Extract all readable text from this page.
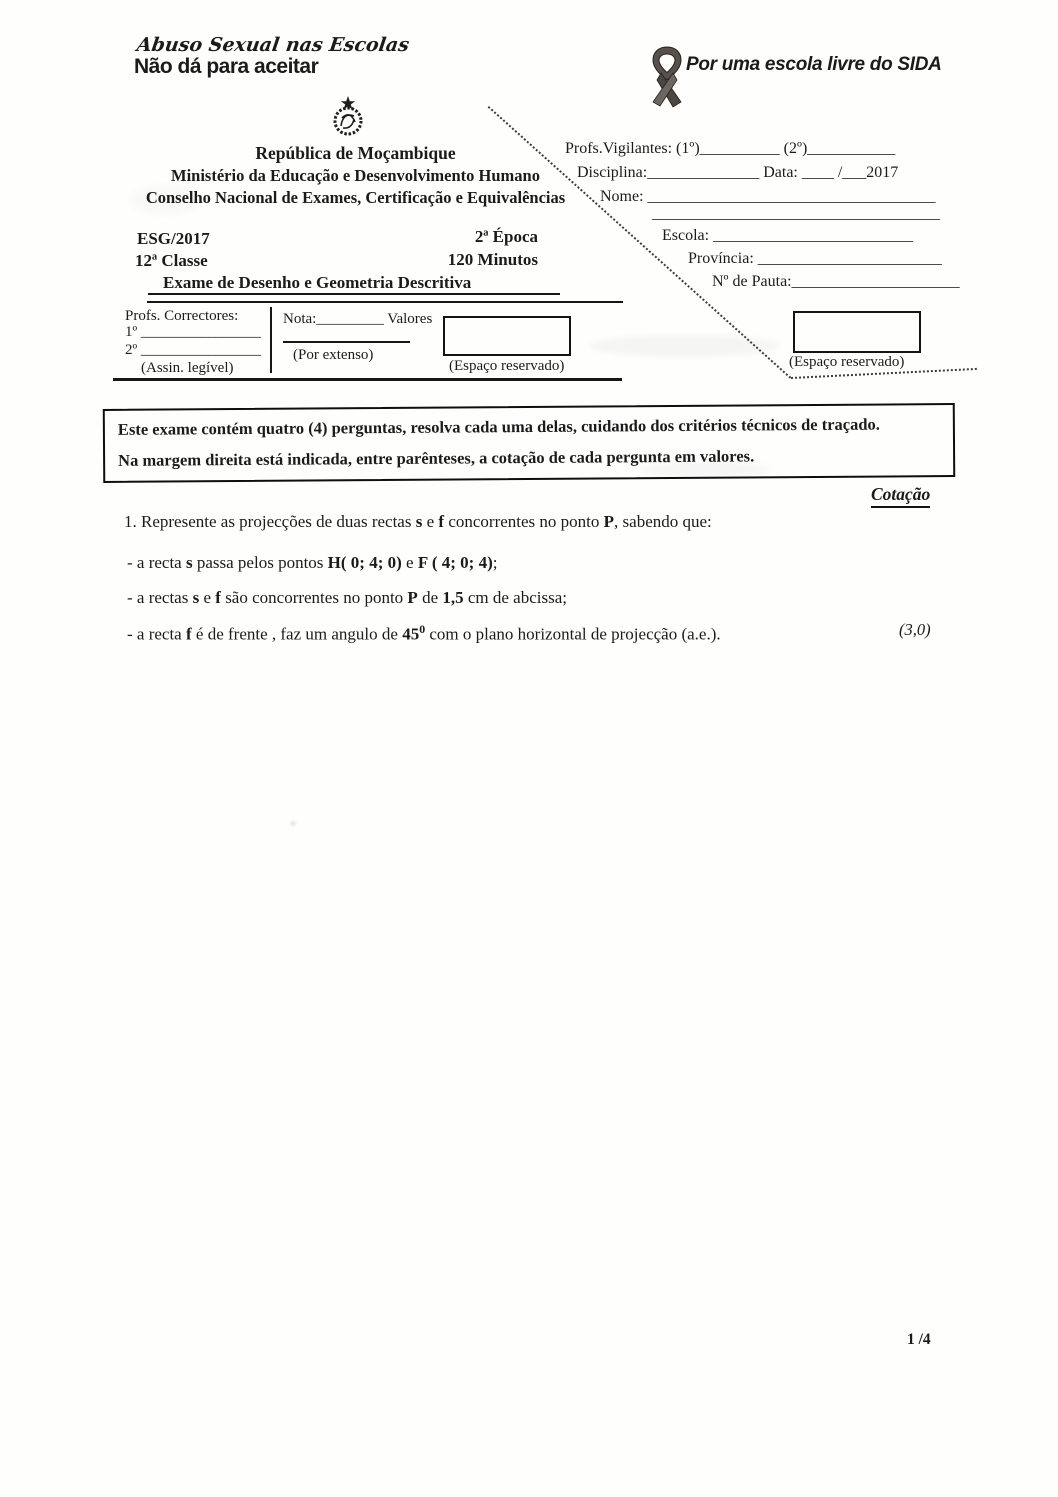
Abuso Sexual nas Escolas
Não dá para aceitar	Por uma escola livre do SIDA
República de Moçambique
Ministério da Educação e Desenvolvimento Humano
Conselho Nacional de Exames, Certificação e Equivalências
Profs.Vigilantes: (1º)__________ (2º)___________
Disciplina:______________ Data: ____ /___2017
Nome: ____________________________________
____________________________________
Escola: _________________________
Província: _______________________
Nº de Pauta:_____________________
ESG/2017	2ª Época
12ª Classe	120 Minutos
Exame de Desenho e Geometria Descritiva
Profs. Correctores:
1º ________________
2º ________________
(Assin. legível)
Nota:_________ Valores
(Por extenso)
(Espaço reservado)	(Espaço reservado)
Este exame contém quatro (4) perguntas, resolva cada uma delas, cuidando dos critérios técnicos de traçado.
Na margem direita está indicada, entre parênteses, a cotação de cada pergunta em valores.
Cotação
1. Represente as projecções de duas rectas s e f concorrentes no ponto P, sabendo que:
- a recta s passa pelos pontos H( 0; 4; 0) e F ( 4; 0; 4);
- a rectas s e f são concorrentes no ponto P de 1,5 cm de abcissa;
- a recta f é de frente , faz um angulo de $45^0$ com o plano horizontal de projecção (a.e.).	(3,0)
1 /4
